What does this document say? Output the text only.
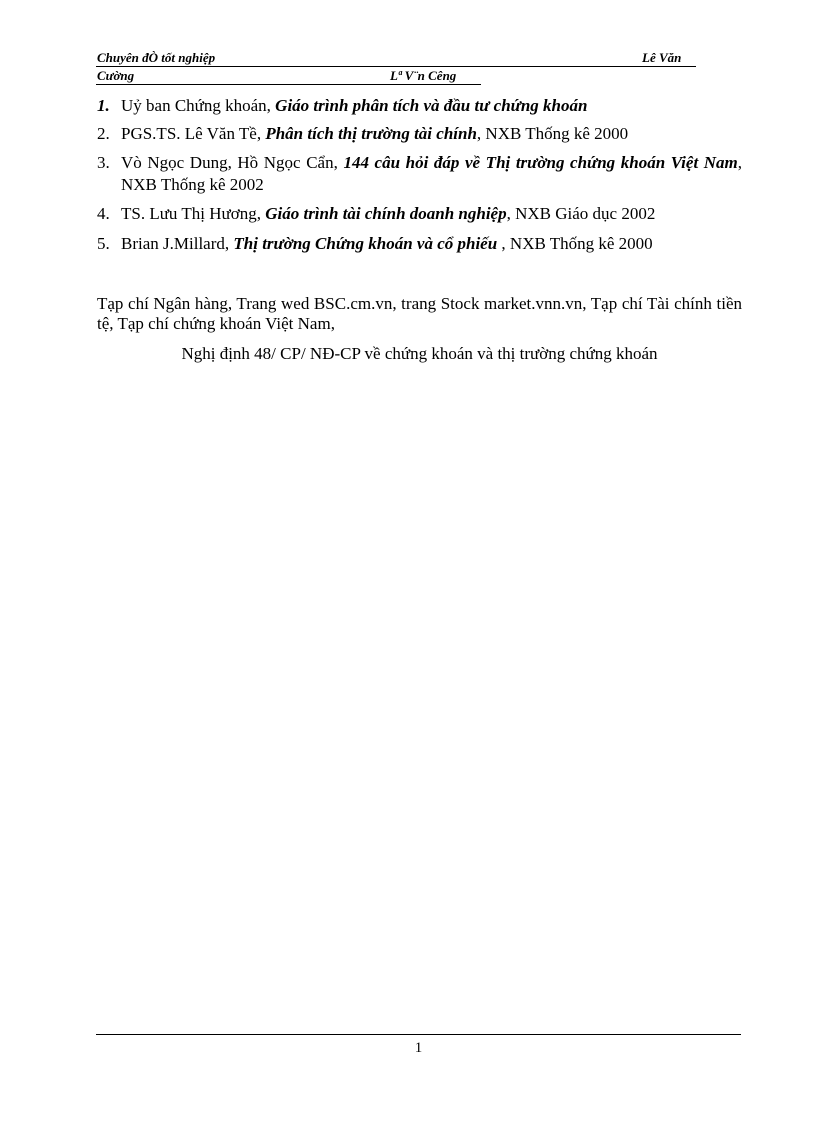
Chuyên đÒ tốt nghiệp	Lê Văn
Cường	Lª V¨n Cêng
1. Uỷ ban Chứng khoán, Giáo trình phân tích và đầu tư chứng khoán
2. PGS.TS. Lê Văn Tề, Phân tích thị trường tài chính, NXB Thống kê 2000
3. Vò Ngọc Dung, Hồ Ngọc Cẩn, 144 câu hỏi đáp về Thị trường chứng khoán Việt Nam, NXB Thống kê 2002
4. TS. Lưu Thị Hương, Giáo trình tài chính doanh nghiệp, NXB Giáo dục 2002
5. Brian J.Millard, Thị trường Chứng khoán và cổ phiếu , NXB Thống kê 2000
Tạp chí Ngân hàng, Trang wed BSC.cm.vn, trang Stock market.vnn.vn, Tạp chí Tài chính tiền tệ, Tạp chí chứng khoán Việt Nam,
Nghị định 48/ CP/ NĐ-CP về chứng khoán và thị trường chứng khoán
1
